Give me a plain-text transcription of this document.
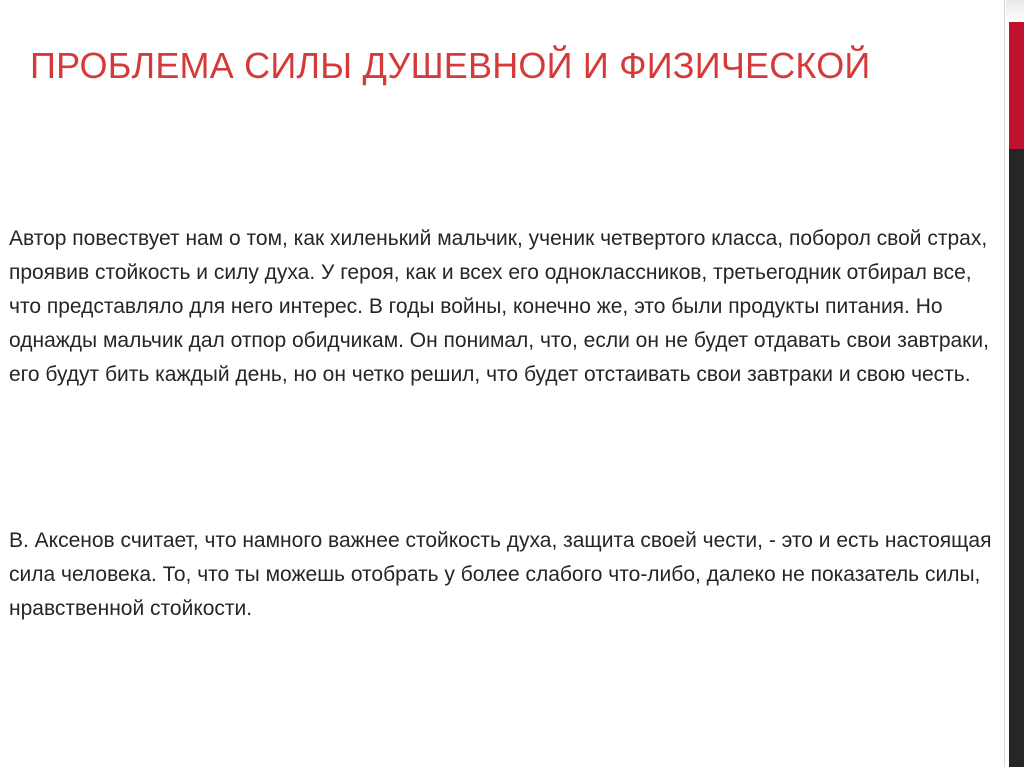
ПРОБЛЕМА СИЛЫ ДУШЕВНОЙ И ФИЗИЧЕСКОЙ

Автор повествует нам о том, как хиленький мальчик, ученик четвертого класса, поборол свой страх, проявив стойкость и силу духа. У героя, как и всех его одноклассников, третьегодник отбирал все, что представляло для него интерес. В годы войны, конечно же, это были продукты питания. Но однажды мальчик дал отпор обидчикам. Он понимал, что, если он не будет отдавать свои завтраки, его будут бить каждый день, но он четко решил, что будет отстаивать свои завтраки и свою честь.

В. Аксенов считает, что намного важнее стойкость духа, защита своей чести, - это и есть настоящая сила человека. То, что ты можешь отобрать у более слабого что-либо, далеко не показатель силы, нравственной стойкости.
